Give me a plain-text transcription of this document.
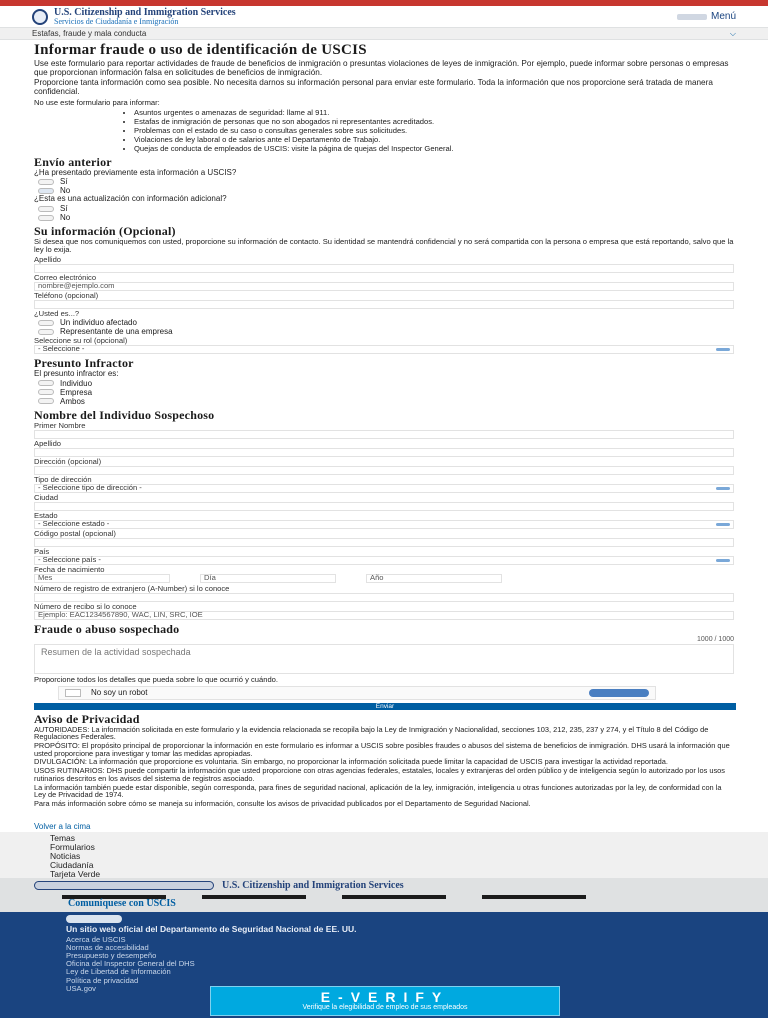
U.S. Citizenship and Immigration Services
Servicios de Ciudadanía e Inmigración	Menú
Estafas, fraude y mala conducta	⌵
Informar fraude o uso de identificación de USCIS

Use este formulario para reportar actividades de fraude de beneficios de inmigración o presuntas violaciones de leyes de inmigración. Por ejemplo, puede informar sobre personas o empresas que proporcionan información falsa en solicitudes de beneficios de inmigración.

Proporcione tanta información como sea posible. No necesita darnos su información personal para enviar este formulario. Toda la información que nos proporcione será tratada de manera confidencial.

No use este formulario para informar:

• Asuntos urgentes o amenazas de seguridad: llame al 911.
• Estafas de inmigración de personas que no son abogados ni representantes acreditados.
• Problemas con el estado de su caso o consultas generales sobre sus solicitudes.
• Violaciones de ley laboral o de salarios ante el Departamento de Trabajo.
• Quejas de conducta de empleados de USCIS: visite la página de quejas del Inspector General.
Envío anterior
¿Ha presentado previamente esta información a USCIS?
Sí
No
¿Esta es una actualización con información adicional?
Sí
No
Su información (Opcional)

Si desea que nos comuniquemos con usted, proporcione su información de contacto. Su identidad se mantendrá confidencial y no será compartida con la persona o empresa que está reportando, salvo que la ley lo exija.

Apellido
Correo electrónico
nombre@ejemplo.com
Teléfono (opcional)
¿Usted es...?
Un individuo afectado
Representante de una empresa
Seleccione su rol (opcional)
- Seleccione -
Presunto Infractor
El presunto infractor es:
Individuo
Empresa
Ambos
Nombre del Individuo Sospechoso
Primer Nombre
Apellido
Dirección (opcional)
Tipo de dirección
- Seleccione tipo de dirección -
Ciudad
Estado
- Seleccione estado -
Código postal (opcional)
País
- Seleccione país -
Fecha de nacimiento
Mes	Día	Año
Número de registro de extranjero (A-Number) si lo conoce
Número de recibo si lo conoce
Ejemplo: EAC1234567890, WAC, LIN, SRC, IOE
Fraude o abuso sospechado
1000 / 1000
Resumen de la actividad sospechada

Proporcione todos los detalles que pueda sobre lo que ocurrió y cuándo.

No soy un robot
Enviar
Aviso de Privacidad

AUTORIDADES: La información solicitada en este formulario y la evidencia relacionada se recopila bajo la Ley de Inmigración y Nacionalidad, secciones 103, 212, 235, 237 y 274, y el Título 8 del Código de Regulaciones Federales.

PROPÓSITO: El propósito principal de proporcionar la información en este formulario es informar a USCIS sobre posibles fraudes o abusos del sistema de beneficios de inmigración. DHS usará la información que usted proporcione para investigar y tomar las medidas apropiadas.

DIVULGACIÓN: La información que proporcione es voluntaria. Sin embargo, no proporcionar la información solicitada puede limitar la capacidad de USCIS para investigar la actividad reportada.

USOS RUTINARIOS: DHS puede compartir la información que usted proporcione con otras agencias federales, estatales, locales y extranjeras del orden público y de inteligencia según lo autorizado por los usos rutinarios descritos en los avisos del sistema de registros asociado.

La información también puede estar disponible, según corresponda, para fines de seguridad nacional, aplicación de la ley, inmigración, inteligencia u otras funciones autorizadas por la ley, de conformidad con la Ley de Privacidad de 1974.

Para más información sobre cómo se maneja su información, consulte los avisos de privacidad publicados por el Departamento de Seguridad Nacional.

Volver a la cima
Temas
Formularios
Noticias
Ciudadanía
Tarjeta Verde
U.S. Citizenship and Immigration Services
Comuníquese con USCIS
Un sitio web oficial del Departamento de Seguridad Nacional de EE. UU.
Acerca de USCIS
Normas de accesibilidad
Presupuesto y desempeño
Oficina del Inspector General del DHS
Ley de Libertad de Información
Política de privacidad
USA.gov
E-VERIFY
Verifique la elegibilidad de empleo de sus empleados
